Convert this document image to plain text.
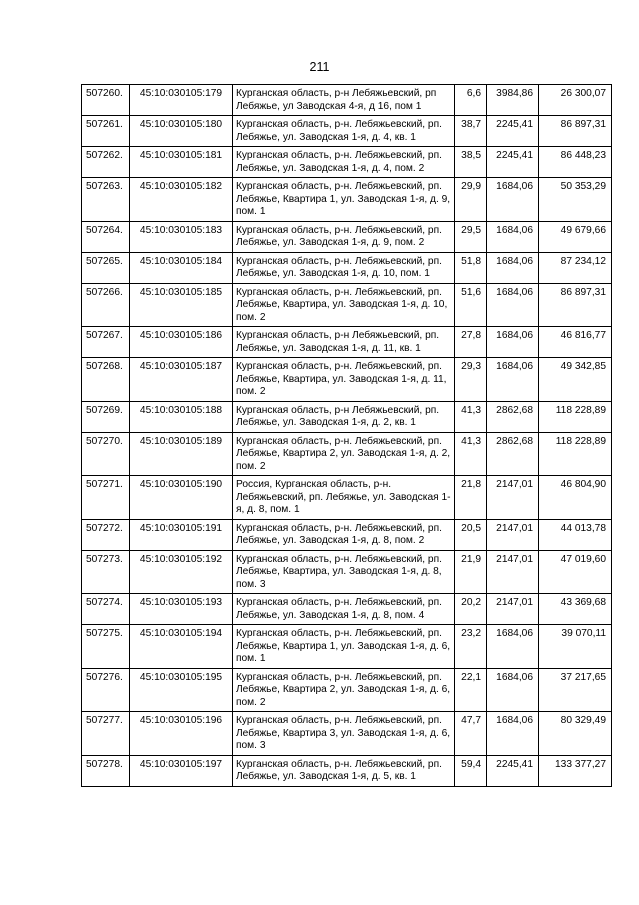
211
507260.	45:10:030105:179	Курганская область, р-н Лебяжьевский, рп Лебяжье, ул Заводская 4-я, д 16, пом 1	6,6	3984,86	26 300,07
507261.	45:10:030105:180	Курганская область, р-н. Лебяжьевский, рп. Лебяжье, ул. Заводская 1-я, д. 4, кв. 1	38,7	2245,41	86 897,31
507262.	45:10:030105:181	Курганская область, р-н. Лебяжьевский, рп. Лебяжье, ул. Заводская 1-я, д. 4, пом. 2	38,5	2245,41	86 448,23
507263.	45:10:030105:182	Курганская область, р-н. Лебяжьевский, рп. Лебяжье, Квартира 1, ул. Заводская 1-я, д. 9, пом. 1	29,9	1684,06	50 353,29
507264.	45:10:030105:183	Курганская область, р-н. Лебяжьевский, рп. Лебяжье, ул. Заводская 1-я, д. 9, пом. 2	29,5	1684,06	49 679,66
507265.	45:10:030105:184	Курганская область, р-н. Лебяжьевский, рп. Лебяжье, ул. Заводская 1-я, д. 10, пом. 1	51,8	1684,06	87 234,12
507266.	45:10:030105:185	Курганская область, р-н. Лебяжьевский, рп. Лебяжье, Квартира, ул. Заводская 1-я, д. 10, пом. 2	51,6	1684,06	86 897,31
507267.	45:10:030105:186	Курганская область, р-н Лебяжьевский, рп. Лебяжье, ул. Заводская 1-я, д. 11, кв. 1	27,8	1684,06	46 816,77
507268.	45:10:030105:187	Курганская область, р-н. Лебяжьевский, рп. Лебяжье, Квартира, ул. Заводская 1-я, д. 11, пом. 2	29,3	1684,06	49 342,85
507269.	45:10:030105:188	Курганская область, р-н Лебяжьевский, рп. Лебяжье, ул. Заводская 1-я, д. 2, кв. 1	41,3	2862,68	118 228,89
507270.	45:10:030105:189	Курганская область, р-н. Лебяжьевский, рп. Лебяжье, Квартира 2, ул. Заводская 1-я, д. 2, пом. 2	41,3	2862,68	118 228,89
507271.	45:10:030105:190	Россия, Курганская область, р-н. Лебяжьевский, рп. Лебяжье, ул. Заводская 1-я, д. 8, пом. 1	21,8	2147,01	46 804,90
507272.	45:10:030105:191	Курганская область, р-н. Лебяжьевский, рп. Лебяжье, ул. Заводская 1-я, д. 8, пом. 2	20,5	2147,01	44 013,78
507273.	45:10:030105:192	Курганская область, р-н. Лебяжьевский, рп. Лебяжье, Квартира, ул. Заводская 1-я, д. 8, пом. 3	21,9	2147,01	47 019,60
507274.	45:10:030105:193	Курганская область, р-н. Лебяжьевский, рп. Лебяжье, ул. Заводская 1-я, д. 8, пом. 4	20,2	2147,01	43 369,68
507275.	45:10:030105:194	Курганская область, р-н. Лебяжьевский, рп. Лебяжье, Квартира 1, ул. Заводская 1-я, д. 6, пом. 1	23,2	1684,06	39 070,11
507276.	45:10:030105:195	Курганская область, р-н. Лебяжьевский, рп. Лебяжье, Квартира 2, ул. Заводская 1-я, д. 6, пом. 2	22,1	1684,06	37 217,65
507277.	45:10:030105:196	Курганская область, р-н. Лебяжьевский, рп. Лебяжье, Квартира 3, ул. Заводская 1-я, д. 6, пом. 3	47,7	1684,06	80 329,49
507278.	45:10:030105:197	Курганская область, р-н. Лебяжьевский, рп. Лебяжье, ул. Заводская 1-я, д. 5, кв. 1	59,4	2245,41	133 377,27
